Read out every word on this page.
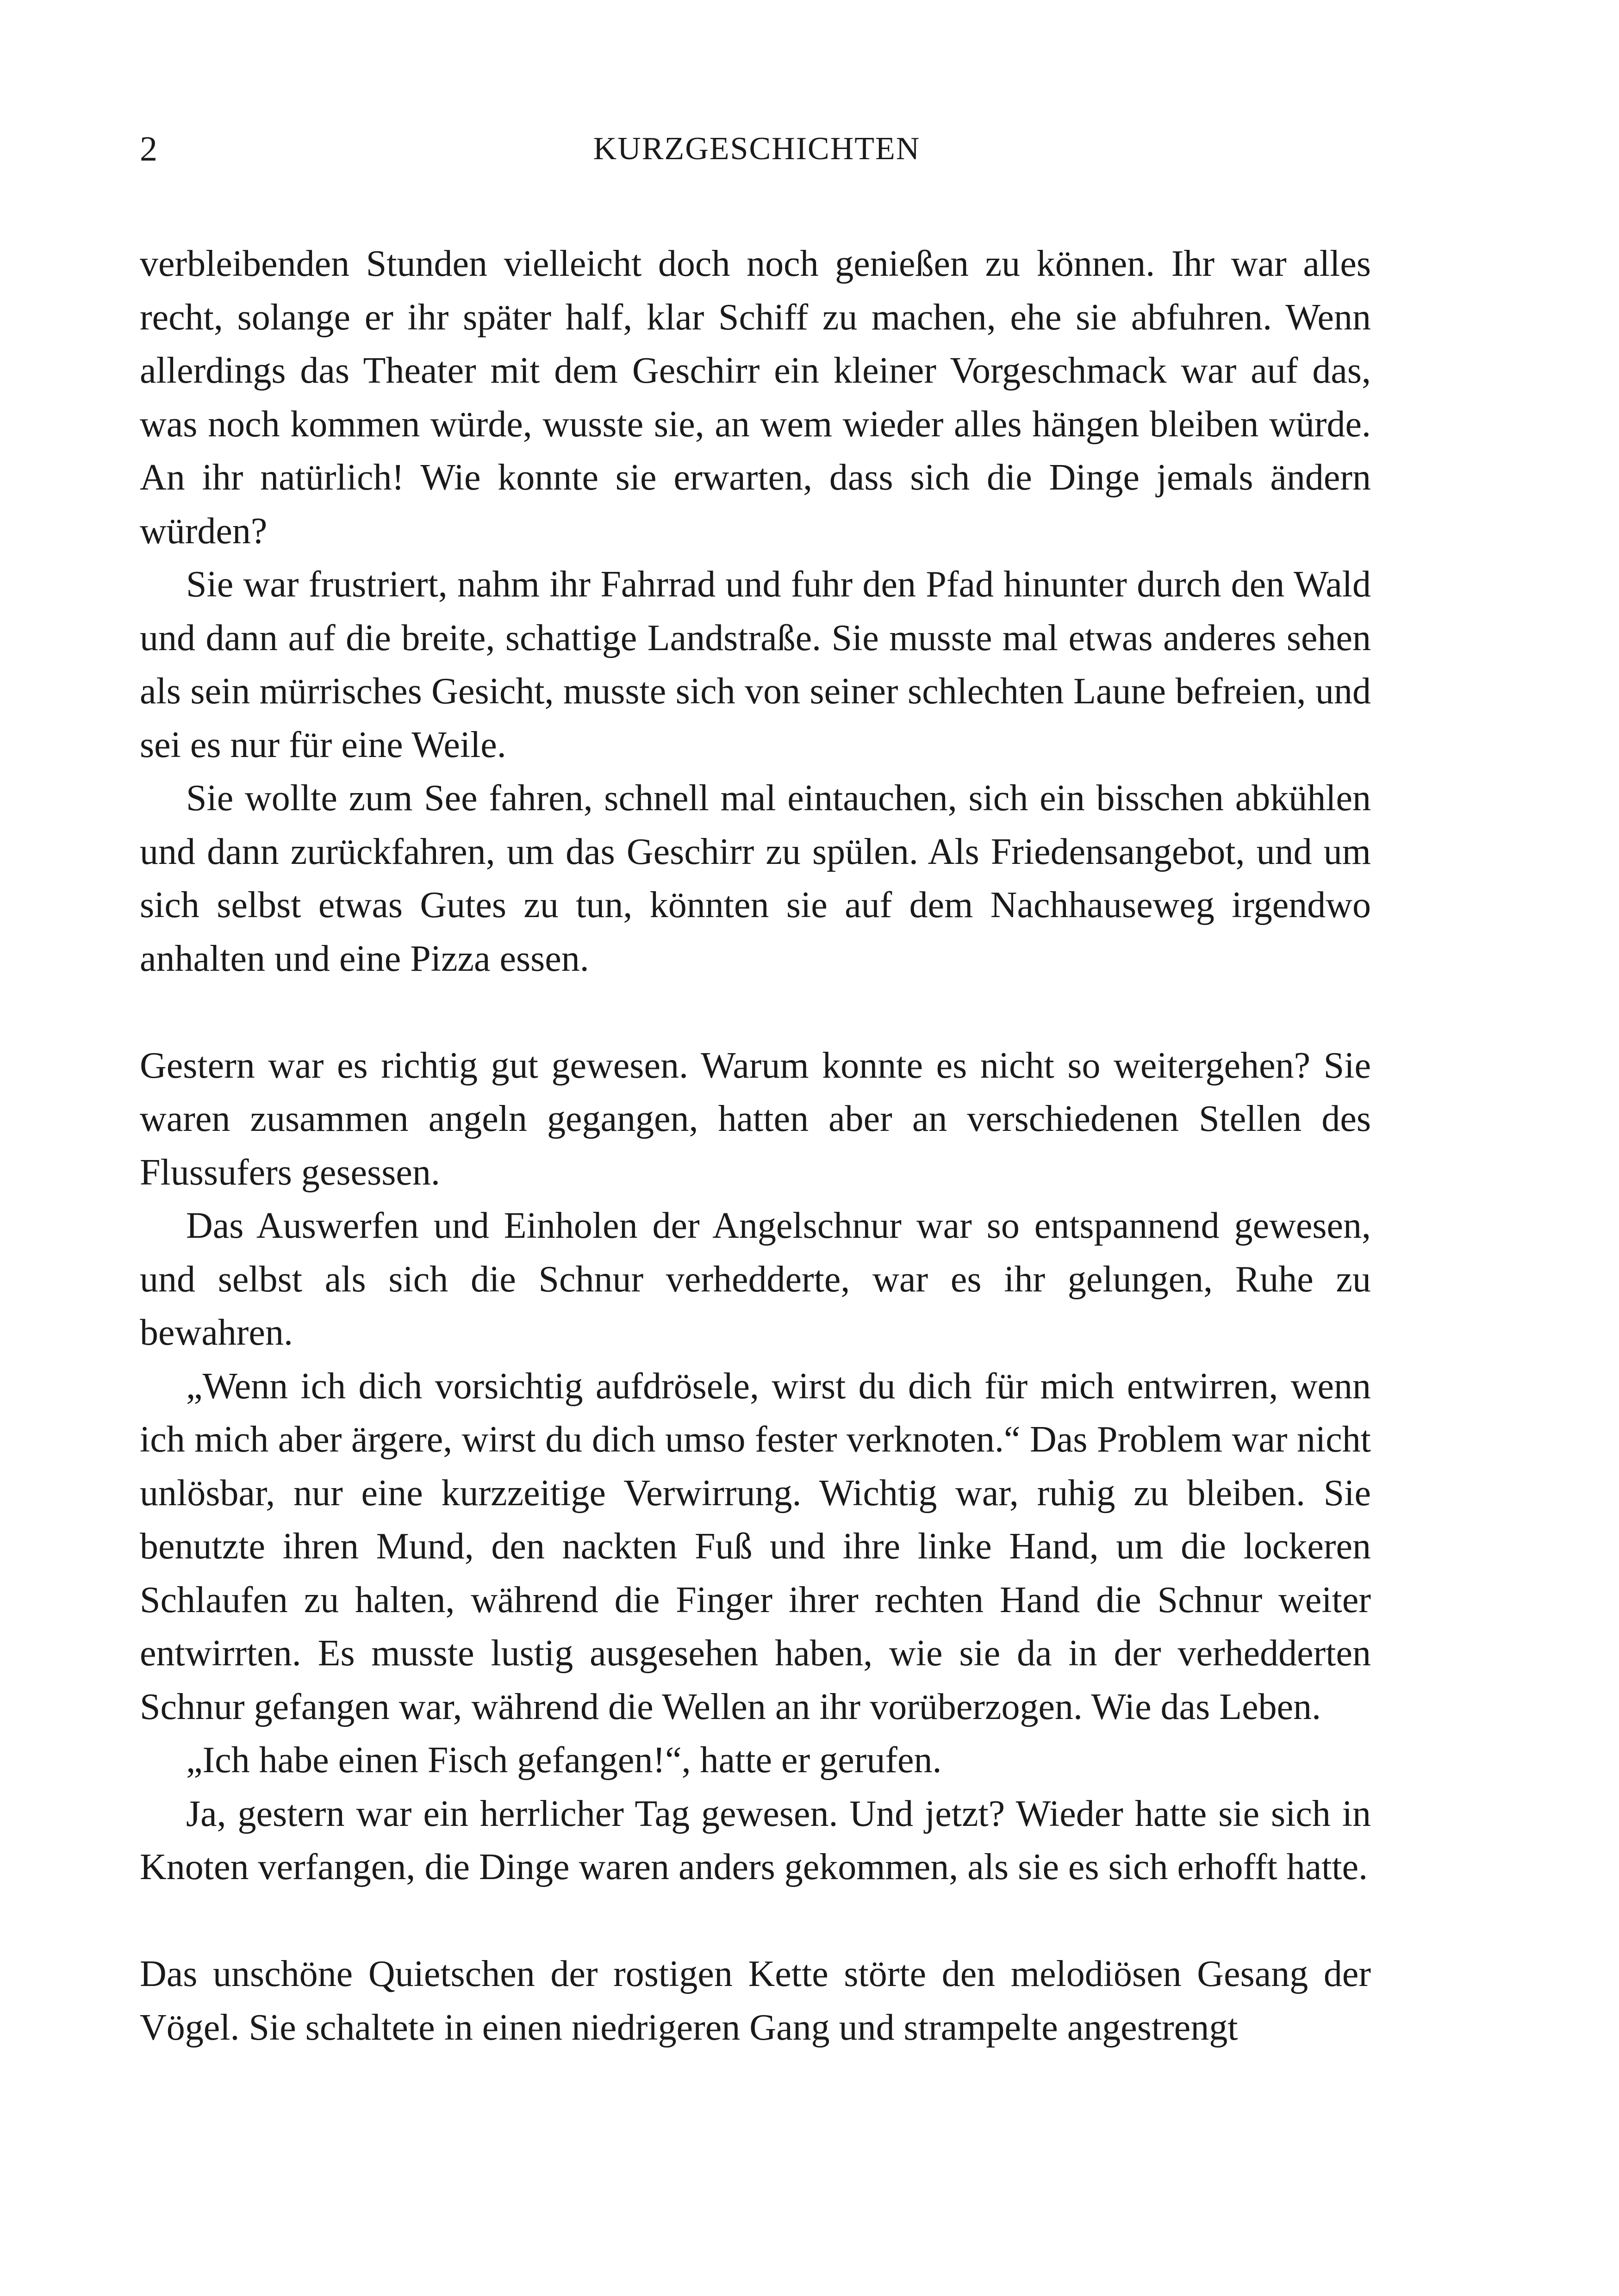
2	KURZGESCHICHTEN

verbleibenden Stunden vielleicht doch noch genießen zu können. Ihr war alles recht, solange er ihr später half, klar Schiff zu machen, ehe sie abfuhren. Wenn allerdings das Theater mit dem Geschirr ein kleiner Vorgeschmack war auf das, was noch kommen würde, wusste sie, an wem wieder alles hängen bleiben würde. An ihr natürlich! Wie konnte sie erwarten, dass sich die Dinge jemals ändern würden?

Sie war frustriert, nahm ihr Fahrrad und fuhr den Pfad hinunter durch den Wald und dann auf die breite, schattige Landstraße. Sie musste mal etwas anderes sehen als sein mürrisches Gesicht, musste sich von seiner schlechten Laune befreien, und sei es nur für eine Weile.

Sie wollte zum See fahren, schnell mal eintauchen, sich ein bisschen abkühlen und dann zurückfahren, um das Geschirr zu spülen. Als Friedensangebot, und um sich selbst etwas Gutes zu tun, könnten sie auf dem Nachhauseweg irgendwo anhalten und eine Pizza essen.

Gestern war es richtig gut gewesen. Warum konnte es nicht so weitergehen? Sie waren zusammen angeln gegangen, hatten aber an verschiedenen Stellen des Flussufers gesessen.

Das Auswerfen und Einholen der Angelschnur war so entspannend gewesen, und selbst als sich die Schnur verhedderte, war es ihr gelungen, Ruhe zu bewahren.

„Wenn ich dich vorsichtig aufdrösele, wirst du dich für mich entwirren, wenn ich mich aber ärgere, wirst du dich umso fester verknoten.“ Das Problem war nicht unlösbar, nur eine kurzzeitige Verwirrung. Wichtig war, ruhig zu bleiben. Sie benutzte ihren Mund, den nackten Fuß und ihre linke Hand, um die lockeren Schlaufen zu halten, während die Finger ihrer rechten Hand die Schnur weiter entwirrten. Es musste lustig ausgesehen haben, wie sie da in der verhedderten Schnur gefangen war, während die Wellen an ihr vorüberzogen. Wie das Leben.

„Ich habe einen Fisch gefangen!“, hatte er gerufen.

Ja, gestern war ein herrlicher Tag gewesen. Und jetzt? Wieder hatte sie sich in Knoten verfangen, die Dinge waren anders gekommen, als sie es sich erhofft hatte.

Das unschöne Quietschen der rostigen Kette störte den melodiösen Gesang der Vögel. Sie schaltete in einen niedrigeren Gang und strampelte angestrengt
